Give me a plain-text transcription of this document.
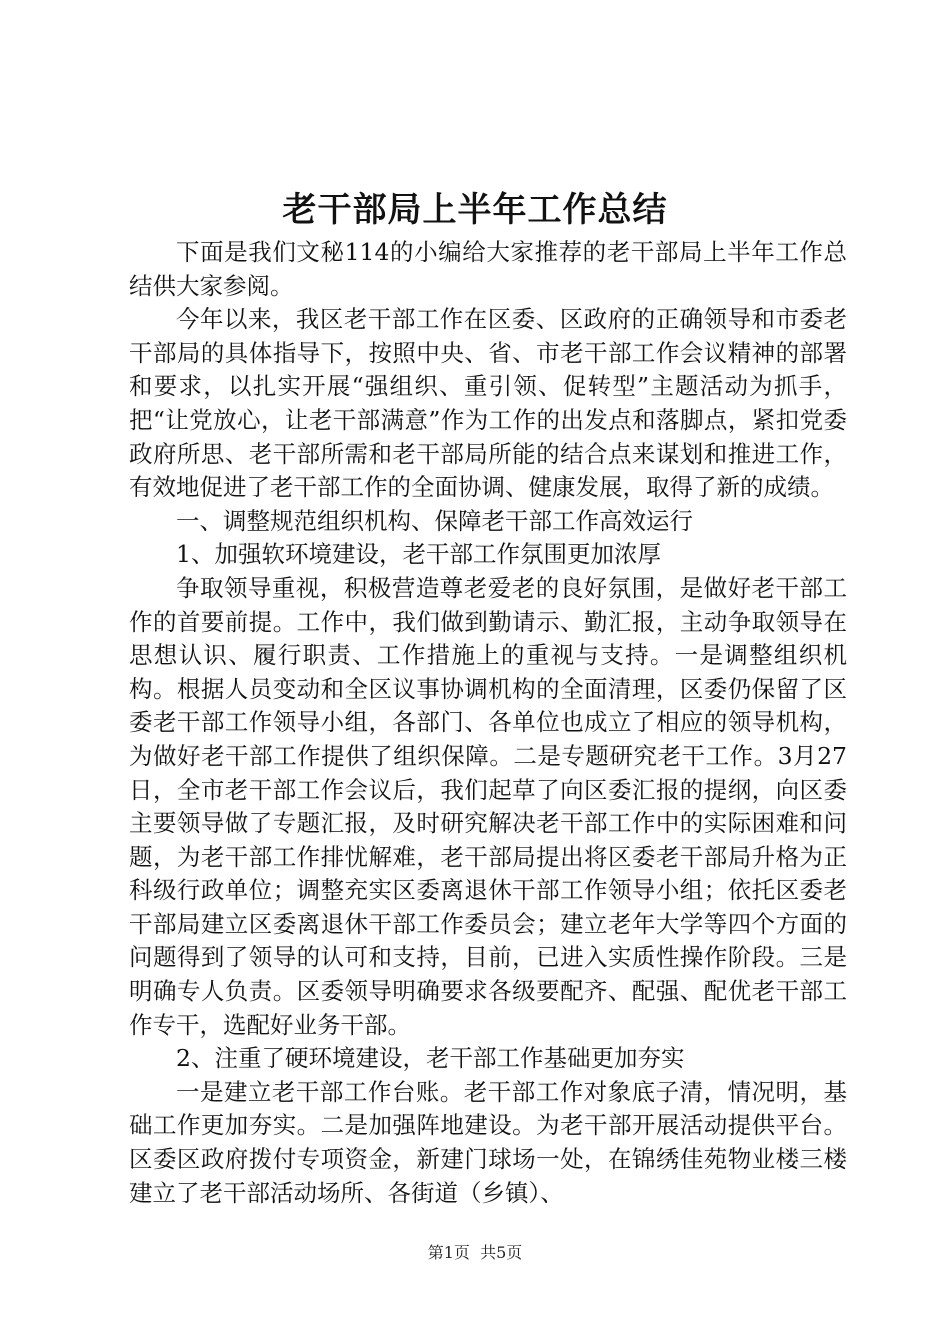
老干部局上半年工作总结

下面是我们文秘114的小编给大家推荐的老干部局上半年工作总结供大家参阅。

今年以来，我区老干部工作在区委、区政府的正确领导和市委老干部局的具体指导下，按照中央、省、市老干部工作会议精神的部署和要求，以扎实开展“强组织、重引领、促转型”主题活动为抓手，把“让党放心，让老干部满意”作为工作的出发点和落脚点，紧扣党委政府所思、老干部所需和老干部局所能的结合点来谋划和推进工作，有效地促进了老干部工作的全面协调、健康发展，取得了新的成绩。

一、调整规范组织机构、保障老干部工作高效运行

1、加强软环境建设，老干部工作氛围更加浓厚

争取领导重视，积极营造尊老爱老的良好氛围，是做好老干部工作的首要前提。工作中，我们做到勤请示、勤汇报，主动争取领导在思想认识、履行职责、工作措施上的重视与支持。一是调整组织机构。根据人员变动和全区议事协调机构的全面清理，区委仍保留了区委老干部工作领导小组，各部门、各单位也成立了相应的领导机构，为做好老干部工作提供了组织保障。二是专题研究老干工作。3月27日，全市老干部工作会议后，我们起草了向区委汇报的提纲，向区委主要领导做了专题汇报，及时研究解决老干部工作中的实际困难和问题，为老干部工作排忧解难，老干部局提出将区委老干部局升格为正科级行政单位；调整充实区委离退休干部工作领导小组；依托区委老干部局建立区委离退休干部工作委员会；建立老年大学等四个方面的问题得到了领导的认可和支持，目前，已进入实质性操作阶段。三是明确专人负责。区委领导明确要求各级要配齐、配强、配优老干部工作专干，选配好业务干部。

2、注重了硬环境建设，老干部工作基础更加夯实

一是建立老干部工作台账。老干部工作对象底子清，情况明，基础工作更加夯实。二是加强阵地建设。为老干部开展活动提供平台。区委区政府拨付专项资金，新建门球场一处，在锦绣佳苑物业楼三楼建立了老干部活动场所、各街道（乡镇）、

第1页 共5页
